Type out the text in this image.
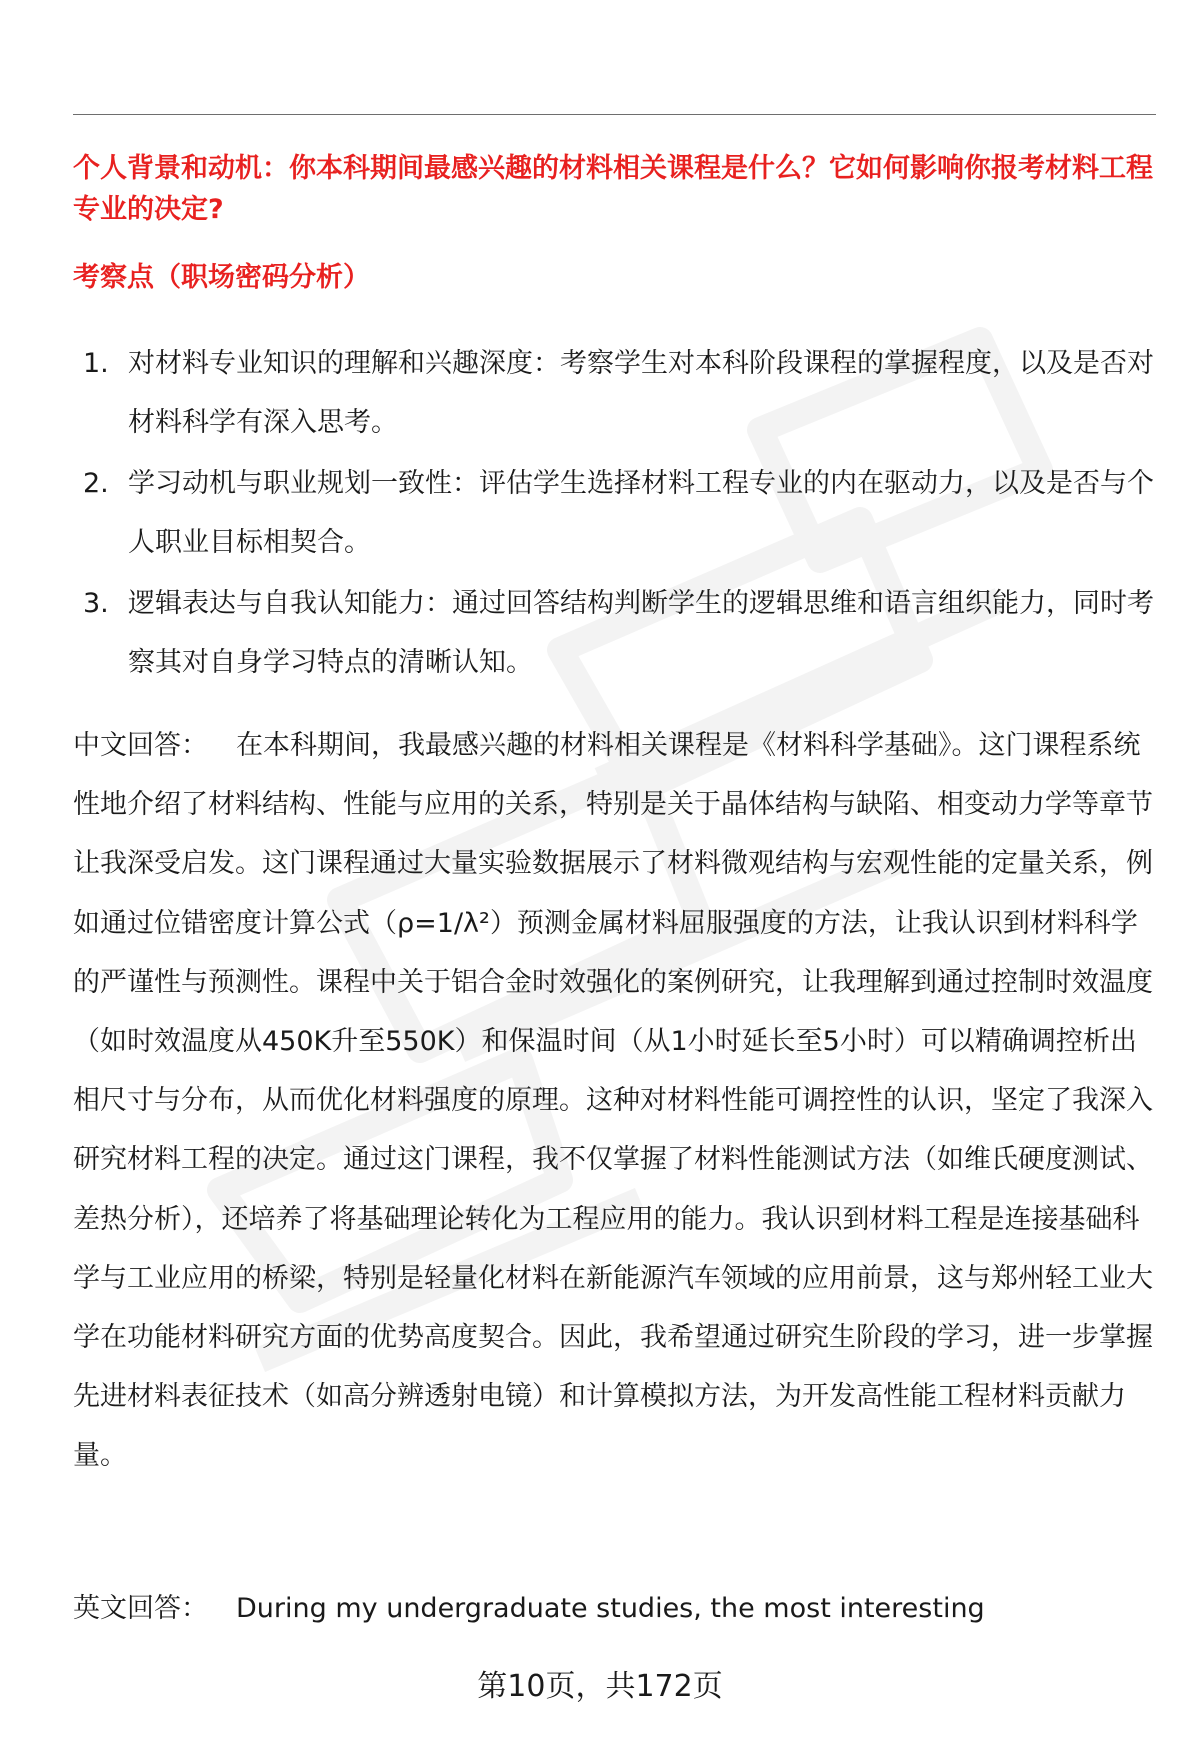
个人背景和动机：你本科期间最感兴趣的材料相关课程是什么？它如何影响你报考材料工程专业的决定?

考察点（职场密码分析）
1. 对材料专业知识的理解和兴趣深度：考察学生对本科阶段课程的掌握程度，以及是否对材料科学有深入思考。
2. 学习动机与职业规划一致性：评估学生选择材料工程专业的内在驱动力，以及是否与个人职业目标相契合。
3. 逻辑表达与自我认知能力：通过回答结构判断学生的逻辑思维和语言组织能力，同时考察其对自身学习特点的清晰认知。

中文回答： 在本科期间，我最感兴趣的材料相关课程是《材料科学基础》。这门课程系统性地介绍了材料结构、性能与应用的关系，特别是关于晶体结构与缺陷、相变动力学等章节让我深受启发。这门课程通过大量实验数据展示了材料微观结构与宏观性能的定量关系，例如通过位错密度计算公式（ρ=1/λ²）预测金属材料屈服强度的方法，让我认识到材料科学的严谨性与预测性。课程中关于铝合金时效强化的案例研究，让我理解到通过控制时效温度（如时效温度从450K升至550K）和保温时间（从1小时延长至5小时）可以精确调控析出相尺寸与分布，从而优化材料强度的原理。这种对材料性能可调控性的认识，坚定了我深入研究材料工程的决定。通过这门课程，我不仅掌握了材料性能测试方法（如维氏硬度测试、差热分析），还培养了将基础理论转化为工程应用的能力。我认识到材料工程是连接基础科学与工业应用的桥梁，特别是轻量化材料在新能源汽车领域的应用前景，这与郑州轻工业大学在功能材料研究方面的优势高度契合。因此，我希望通过研究生阶段的学习，进一步掌握先进材料表征技术（如高分辨透射电镜）和计算模拟方法，为开发高性能工程材料贡献力量。

英文回答： During my undergraduate studies, the most interesting

第10页，共172页
